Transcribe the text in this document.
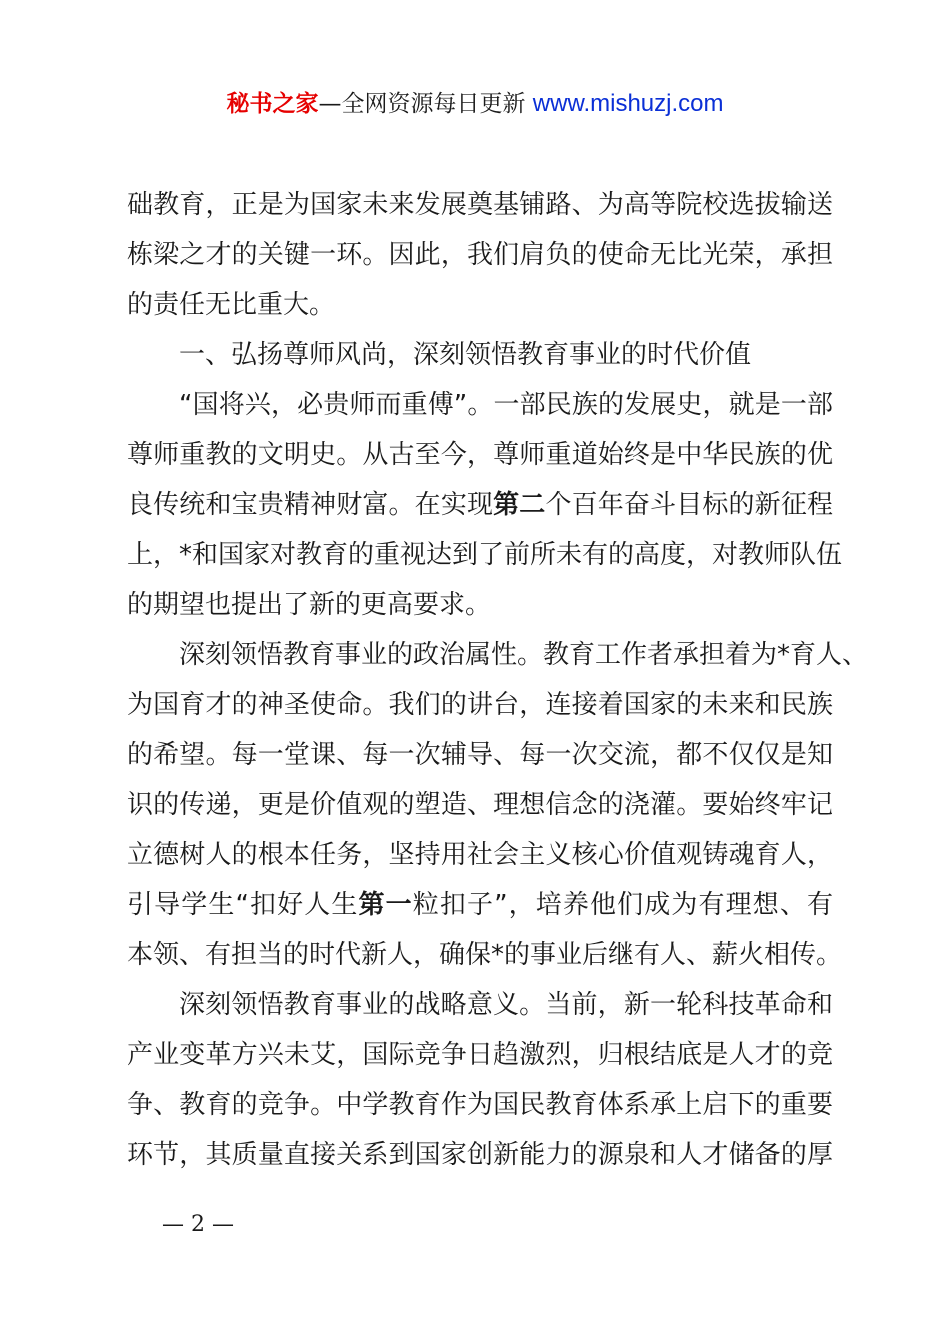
秘书之家—全网资源每日更新 www.mishuzj.com
础教育，正是为国家未来发展奠基铺路、为高等院校选拔输送
栋梁之才的关键一环。因此，我们肩负的使命无比光荣，承担
的责任无比重大。
一、弘扬尊师风尚，深刻领悟教育事业的时代价值
“国将兴，必贵师而重傅”。一部民族的发展史，就是一部
尊师重教的文明史。从古至今，尊师重道始终是中华民族的优
良传统和宝贵精神财富。在实现第二个百年奋斗目标的新征程
上，*和国家对教育的重视达到了前所未有的高度，对教师队伍
的期望也提出了新的更高要求。
深刻领悟教育事业的政治属性。教育工作者承担着为*育人、
为国育才的神圣使命。我们的讲台，连接着国家的未来和民族
的希望。每一堂课、每一次辅导、每一次交流，都不仅仅是知
识的传递，更是价值观的塑造、理想信念的浇灌。要始终牢记
立德树人的根本任务，坚持用社会主义核心价值观铸魂育人，
引导学生“扣好人生第一粒扣子”，培养他们成为有理想、有
本领、有担当的时代新人，确保*的事业后继有人、薪火相传。
深刻领悟教育事业的战略意义。当前，新一轮科技革命和
产业变革方兴未艾，国际竞争日趋激烈，归根结底是人才的竞
争、教育的竞争。中学教育作为国民教育体系承上启下的重要
环节，其质量直接关系到国家创新能力的源泉和人才储备的厚
— 2 —
